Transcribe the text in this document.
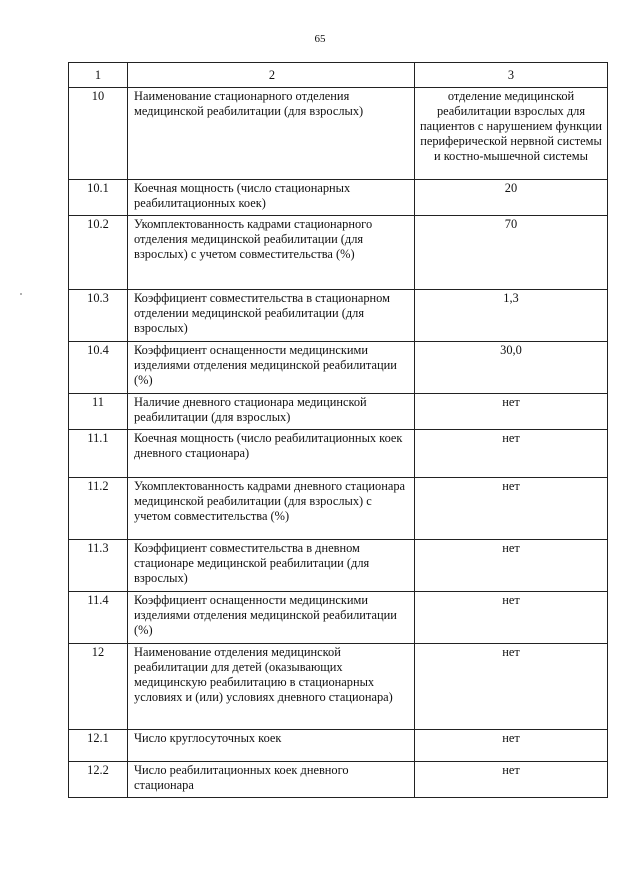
65
1	2	3
10	Наименование стационарного отделения медицинской реабилитации (для взрослых)	отделение медицинской реабилитации взрослых для пациентов с нарушением функции периферической нервной системы и костно-мышечной системы
10.1	Коечная мощность (число стационарных реабилитационных коек)	20
10.2	Укомплектованность кадрами стационарного отделения медицинской реабилитации (для взрослых) с учетом совместительства (%)	70
10.3	Коэффициент совместительства в стационарном отделении медицинской реабилитации (для взрослых)	1,3
10.4	Коэффициент оснащенности медицинскими изделиями отделения медицинской реабилитации (%)	30,0
11	Наличие дневного стационара медицинской реабилитации (для взрослых)	нет
11.1	Коечная мощность (число реабилитационных коек дневного стационара)	нет
11.2	Укомплектованность кадрами дневного стационара медицинской реабилитации (для взрослых) с учетом совместительства (%)	нет
11.3	Коэффициент совместительства в дневном стационаре медицинской реабилитации (для взрослых)	нет
11.4	Коэффициент оснащенности медицинскими изделиями отделения медицинской реабилитации (%)	нет
12	Наименование отделения медицинской реабилитации для детей (оказывающих медицинскую реабилитацию в стационарных условиях и (или) условиях дневного стационара)	нет
12.1	Число круглосуточных коек	нет
12.2	Число реабилитационных коек дневного стационара	нет
